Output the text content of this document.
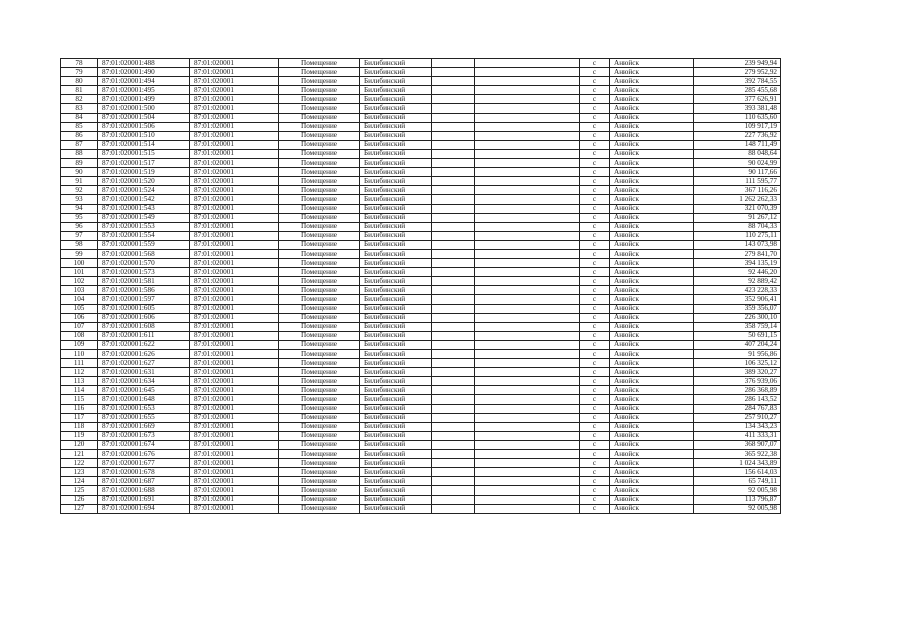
78	87:01:020001:488	87:01:020001	Помещение	Билибинский			с	Анюйск	239 949,94
79	87:01:020001:490	87:01:020001	Помещение	Билибинский			с	Анюйск	279 952,92
80	87:01:020001:494	87:01:020001	Помещение	Билибинский			с	Анюйск	392 784,55
81	87:01:020001:495	87:01:020001	Помещение	Билибинский			с	Анюйск	285 455,68
82	87:01:020001:499	87:01:020001	Помещение	Билибинский			с	Анюйск	377 626,91
83	87:01:020001:500	87:01:020001	Помещение	Билибинский			с	Анюйск	393 381,48
84	87:01:020001:504	87:01:020001	Помещение	Билибинский			с	Анюйск	110 635,60
85	87:01:020001:506	87:01:020001	Помещение	Билибинский			с	Анюйск	109 917,19
86	87:01:020001:510	87:01:020001	Помещение	Билибинский			с	Анюйск	227 736,92
87	87:01:020001:514	87:01:020001	Помещение	Билибинский			с	Анюйск	148 711,49
88	87:01:020001:515	87:01:020001	Помещение	Билибинский			с	Анюйск	88 048,64
89	87:01:020001:517	87:01:020001	Помещение	Билибинский			с	Анюйск	90 024,99
90	87:01:020001:519	87:01:020001	Помещение	Билибинский			с	Анюйск	90 117,66
91	87:01:020001:520	87:01:020001	Помещение	Билибинский			с	Анюйск	111 595,77
92	87:01:020001:524	87:01:020001	Помещение	Билибинский			с	Анюйск	367 116,26
93	87:01:020001:542	87:01:020001	Помещение	Билибинский			с	Анюйск	1 262 262,33
94	87:01:020001:543	87:01:020001	Помещение	Билибинский			с	Анюйск	321 070,39
95	87:01:020001:549	87:01:020001	Помещение	Билибинский			с	Анюйск	91 267,12
96	87:01:020001:553	87:01:020001	Помещение	Билибинский			с	Анюйск	88 704,33
97	87:01:020001:554	87:01:020001	Помещение	Билибинский			с	Анюйск	110 275,11
98	87:01:020001:559	87:01:020001	Помещение	Билибинский			с	Анюйск	143 073,98
99	87:01:020001:568	87:01:020001	Помещение	Билибинский			с	Анюйск	279 841,70
100	87:01:020001:570	87:01:020001	Помещение	Билибинский			с	Анюйск	394 135,19
101	87:01:020001:573	87:01:020001	Помещение	Билибинский			с	Анюйск	92 446,20
102	87:01:020001:581	87:01:020001	Помещение	Билибинский			с	Анюйск	92 889,42
103	87:01:020001:586	87:01:020001	Помещение	Билибинский			с	Анюйск	423 228,33
104	87:01:020001:597	87:01:020001	Помещение	Билибинский			с	Анюйск	352 906,41
105	87:01:020001:605	87:01:020001	Помещение	Билибинский			с	Анюйск	359 356,07
106	87:01:020001:606	87:01:020001	Помещение	Билибинский			с	Анюйск	226 300,10
107	87:01:020001:608	87:01:020001	Помещение	Билибинский			с	Анюйск	358 759,14
108	87:01:020001:611	87:01:020001	Помещение	Билибинский			с	Анюйск	50 691,15
109	87:01:020001:622	87:01:020001	Помещение	Билибинский			с	Анюйск	407 204,24
110	87:01:020001:626	87:01:020001	Помещение	Билибинский			с	Анюйск	91 956,86
111	87:01:020001:627	87:01:020001	Помещение	Билибинский			с	Анюйск	106 325,12
112	87:01:020001:631	87:01:020001	Помещение	Билибинский			с	Анюйск	389 320,27
113	87:01:020001:634	87:01:020001	Помещение	Билибинский			с	Анюйск	376 939,06
114	87:01:020001:645	87:01:020001	Помещение	Билибинский			с	Анюйск	286 368,89
115	87:01:020001:648	87:01:020001	Помещение	Билибинский			с	Анюйск	286 143,52
116	87:01:020001:653	87:01:020001	Помещение	Билибинский			с	Анюйск	284 767,83
117	87:01:020001:655	87:01:020001	Помещение	Билибинский			с	Анюйск	257 910,27
118	87:01:020001:669	87:01:020001	Помещение	Билибинский			с	Анюйск	134 343,23
119	87:01:020001:673	87:01:020001	Помещение	Билибинский			с	Анюйск	411 333,31
120	87:01:020001:674	87:01:020001	Помещение	Билибинский			с	Анюйск	368 907,07
121	87:01:020001:676	87:01:020001	Помещение	Билибинский			с	Анюйск	365 922,38
122	87:01:020001:677	87:01:020001	Помещение	Билибинский			с	Анюйск	1 024 343,89
123	87:01:020001:678	87:01:020001	Помещение	Билибинский			с	Анюйск	156 614,03
124	87:01:020001:687	87:01:020001	Помещение	Билибинский			с	Анюйск	65 749,11
125	87:01:020001:688	87:01:020001	Помещение	Билибинский			с	Анюйск	92 005,98
126	87:01:020001:691	87:01:020001	Помещение	Билибинский			с	Анюйск	113 796,87
127	87:01:020001:694	87:01:020001	Помещение	Билибинский			с	Анюйск	92 005,98
